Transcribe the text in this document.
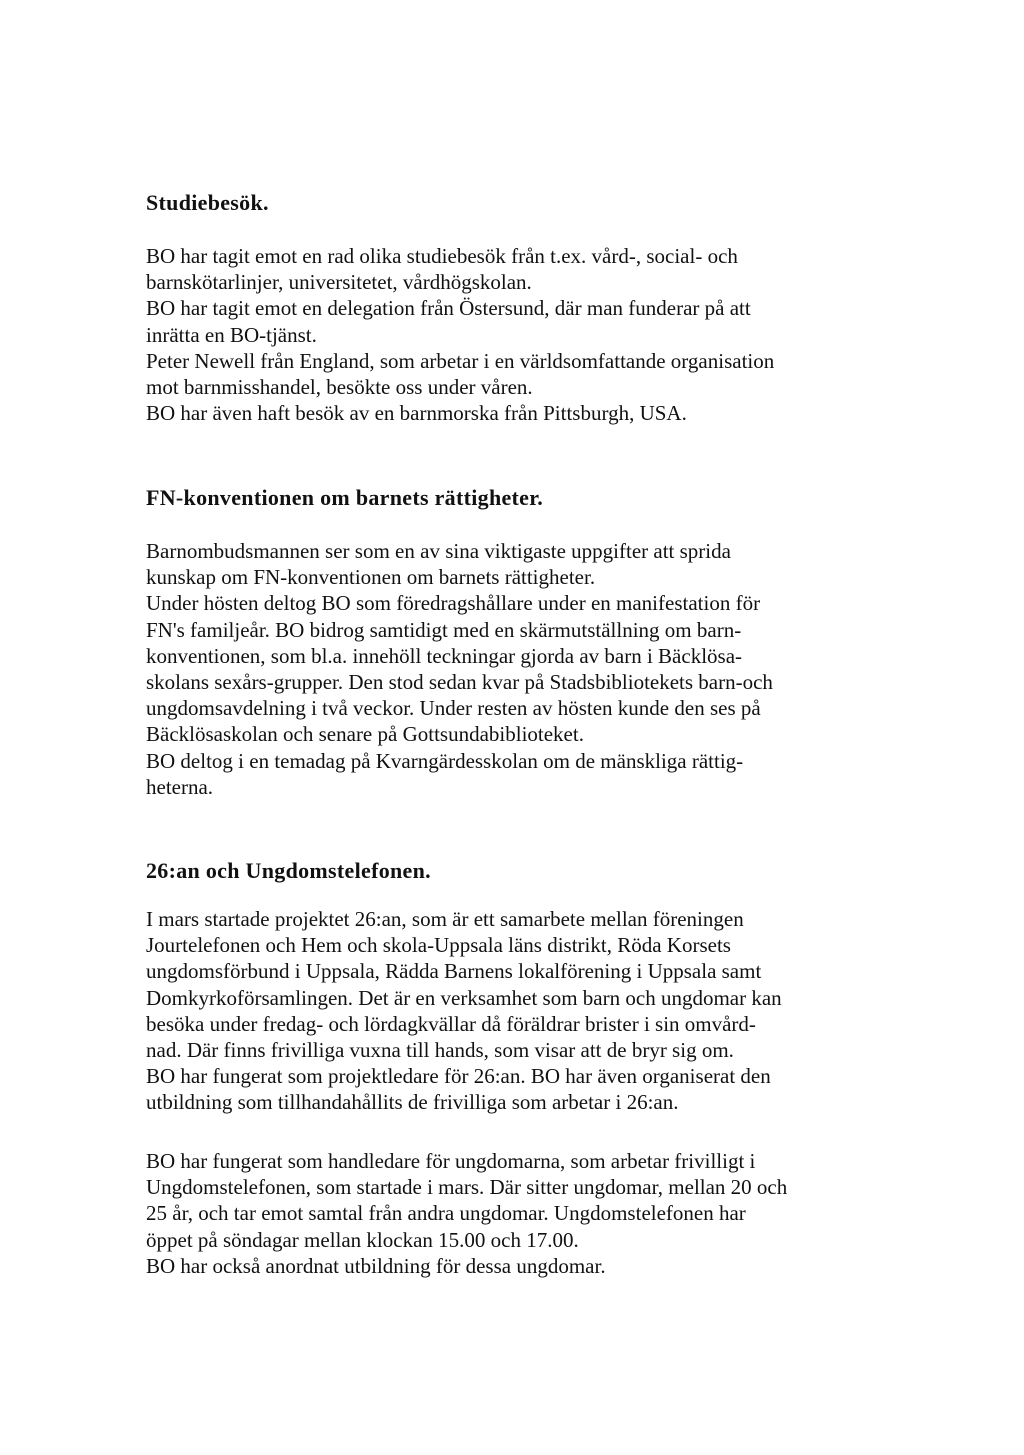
Studiebesök.
BO har tagit emot en rad olika studiebesök från t.ex. vård-, social- och
barnskötarlinjer, universitetet, vårdhögskolan.
BO har tagit emot en delegation från Östersund, där man funderar på att
inrätta en BO-tjänst.
Peter Newell från England, som arbetar i en världsomfattande organisation
mot barnmisshandel, besökte oss under våren.
BO har även haft besök av en barnmorska från Pittsburgh, USA.
FN-konventionen om barnets rättigheter.
Barnombudsmannen ser som en av sina viktigaste uppgifter att sprida
kunskap om FN-konventionen om barnets rättigheter.
Under hösten deltog BO som föredragshållare under en manifestation för
FN's familjeår. BO bidrog samtidigt med en skärmutställning om barn-
konventionen, som bl.a. innehöll teckningar gjorda av barn i Bäcklösa-
skolans sexårs-grupper. Den stod sedan kvar på Stadsbibliotekets barn-och
ungdomsavdelning i två veckor. Under resten av hösten kunde den ses på
Bäcklösaskolan och senare på Gottsundabiblioteket.
BO deltog i en temadag på Kvarngärdesskolan om de mänskliga rättig-
heterna.
26:an och Ungdomstelefonen.
I mars startade projektet 26:an, som är ett samarbete mellan föreningen
Jourtelefonen och Hem och skola-Uppsala läns distrikt, Röda Korsets
ungdomsförbund i Uppsala, Rädda Barnens lokalförening i Uppsala samt
Domkyrkoförsamlingen. Det är en verksamhet som barn och ungdomar kan
besöka under fredag- och lördagkvällar då föräldrar brister i sin omvård-
nad. Där finns frivilliga vuxna till hands, som visar att de bryr sig om.
BO har fungerat som projektledare för 26:an. BO har även organiserat den
utbildning som tillhandahållits de frivilliga som arbetar i 26:an.
BO har fungerat som handledare för ungdomarna, som arbetar frivilligt i
Ungdomstelefonen, som startade i mars. Där sitter ungdomar, mellan 20 och
25 år, och tar emot samtal från andra ungdomar. Ungdomstelefonen har
öppet på söndagar mellan klockan 15.00 och 17.00.
BO har också anordnat utbildning för dessa ungdomar.
